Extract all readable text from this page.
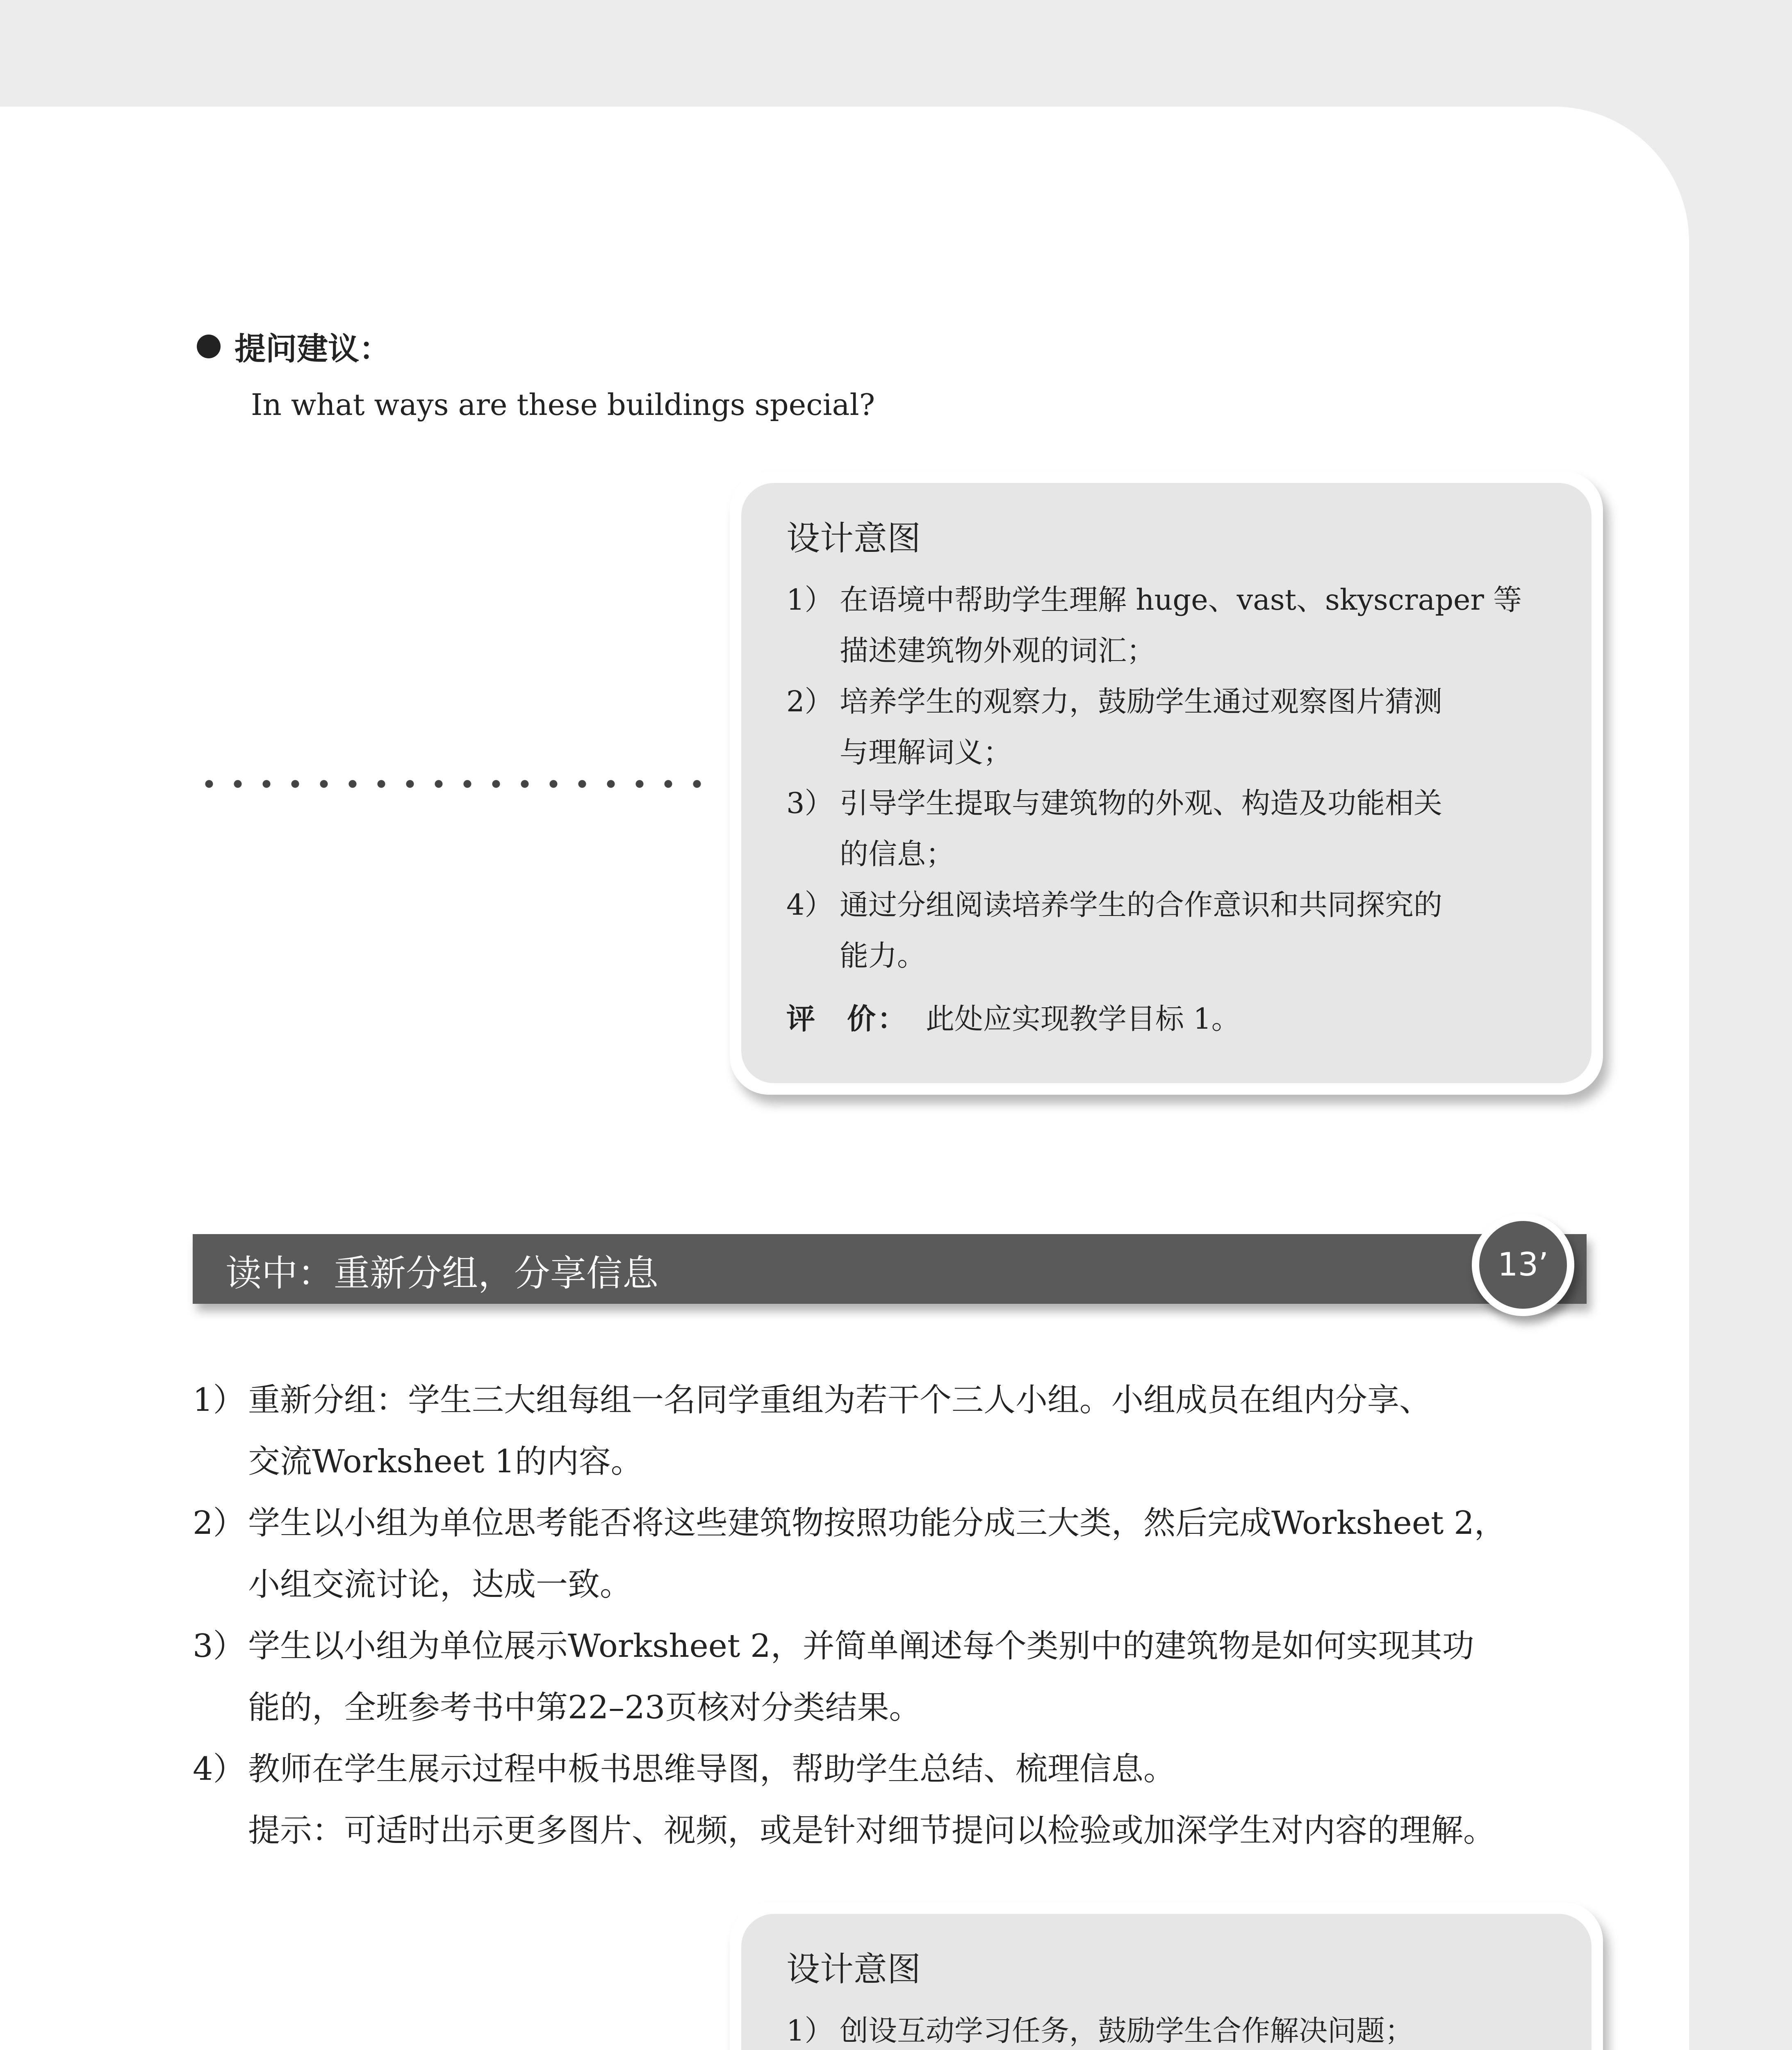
提问建议：
In what ways are these buildings special?
设计意图
1） 在语境中帮助学生理解 huge、vast、skyscraper 等
描述建筑物外观的词汇；
2） 培养学生的观察力，鼓励学生通过观察图片猜测
与理解词义；
3） 引导学生提取与建筑物的外观、构造及功能相关
的信息；
4） 通过分组阅读培养学生的合作意识和共同探究的
能力。
评　价： 此处应实现教学目标 1。
读中：重新分组，分享信息	13’
1） 重新分组：学生三大组每组一名同学重组为若干个三人小组。小组成员在组内分享、
交流Worksheet 1的内容。
2） 学生以小组为单位思考能否将这些建筑物按照功能分成三大类，然后完成Worksheet 2，
小组交流讨论，达成一致。
3） 学生以小组为单位展示Worksheet 2，并简单阐述每个类别中的建筑物是如何实现其功
能的，全班参考书中第22–23页核对分类结果。
4） 教师在学生展示过程中板书思维导图，帮助学生总结、梳理信息。
提示：可适时出示更多图片、视频，或是针对细节提问以检验或加深学生对内容的理解。
设计意图
1） 创设互动学习任务，鼓励学生合作解决问题；
